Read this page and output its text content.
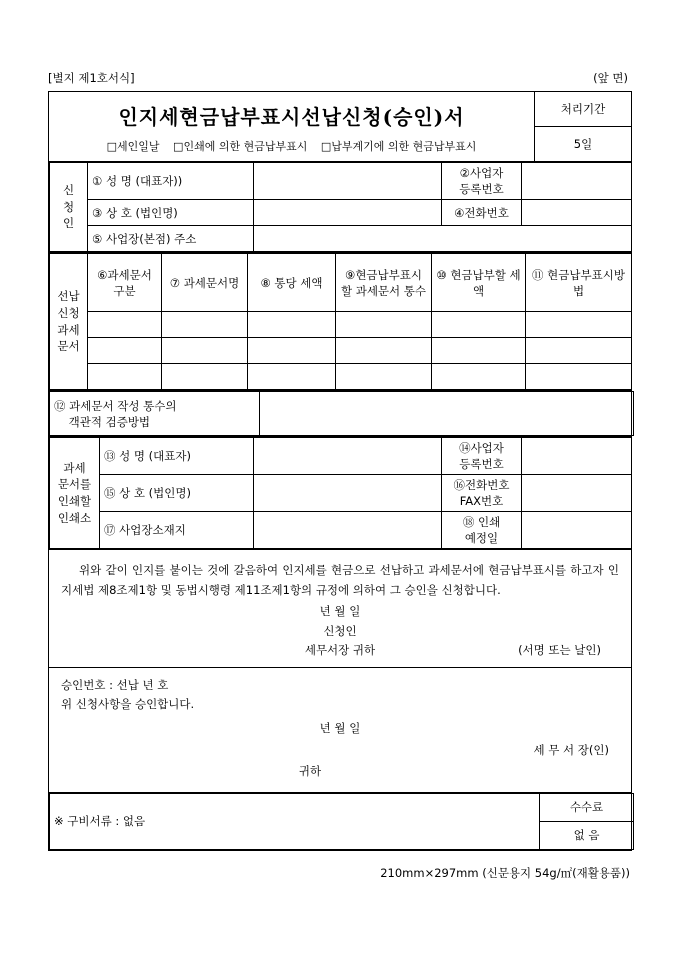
[별지 제1호서식]	(앞 면)
인지세현금납부표시선납신청(승인)서
□세인일날 □인쇄에 의한 현금납부표시 □납부계기에 의한 현금납부표시
처리기간
5일
신
청
인	① 성 명 (대표자))		②사업자
등록번호	
③ 상 호 (법인명)		④전화번호	
⑤ 사업장(본점) 주소	
선납
신청
과세
문서	⑥과세문서 구분	⑦ 과세문서명	⑧ 통당 세액	⑨현금납부표시할 과세문서 통수	⑩ 현금납부할 세액	⑪ 현금납부표시방법

⑫ 과세문서 작성 통수의
객관적 검증방법	
과세
문서를
인쇄할
인쇄소	⑬ 성 명 (대표자)		⑭사업자
등록번호	
⑮ 상 호 (법인명)		⑯전화번호
FAX번호	
⑰ 사업장소재지		⑱ 인쇄
예정일	

위와 같이 인지를 붙이는 것에 갈음하여 인지세를 현금으로 선납하고 과세문서에 현금납부표시를 하고자 인지세법 제8조제1항 및 동법시행령 제11조제1항의 규정에 의하여 그 승인을 신청합니다.

년 월 일
신청인
세무서장 귀하	(서명 또는 날인)
승인번호 : 선납 년 호
위 신청사항을 승인합니다.
년 월 일
세 무 서 장(인)
귀하
※ 구비서류 : 없음	수수료
없 음
210mm×297mm (신문용지 54g/㎡(재활용품))
